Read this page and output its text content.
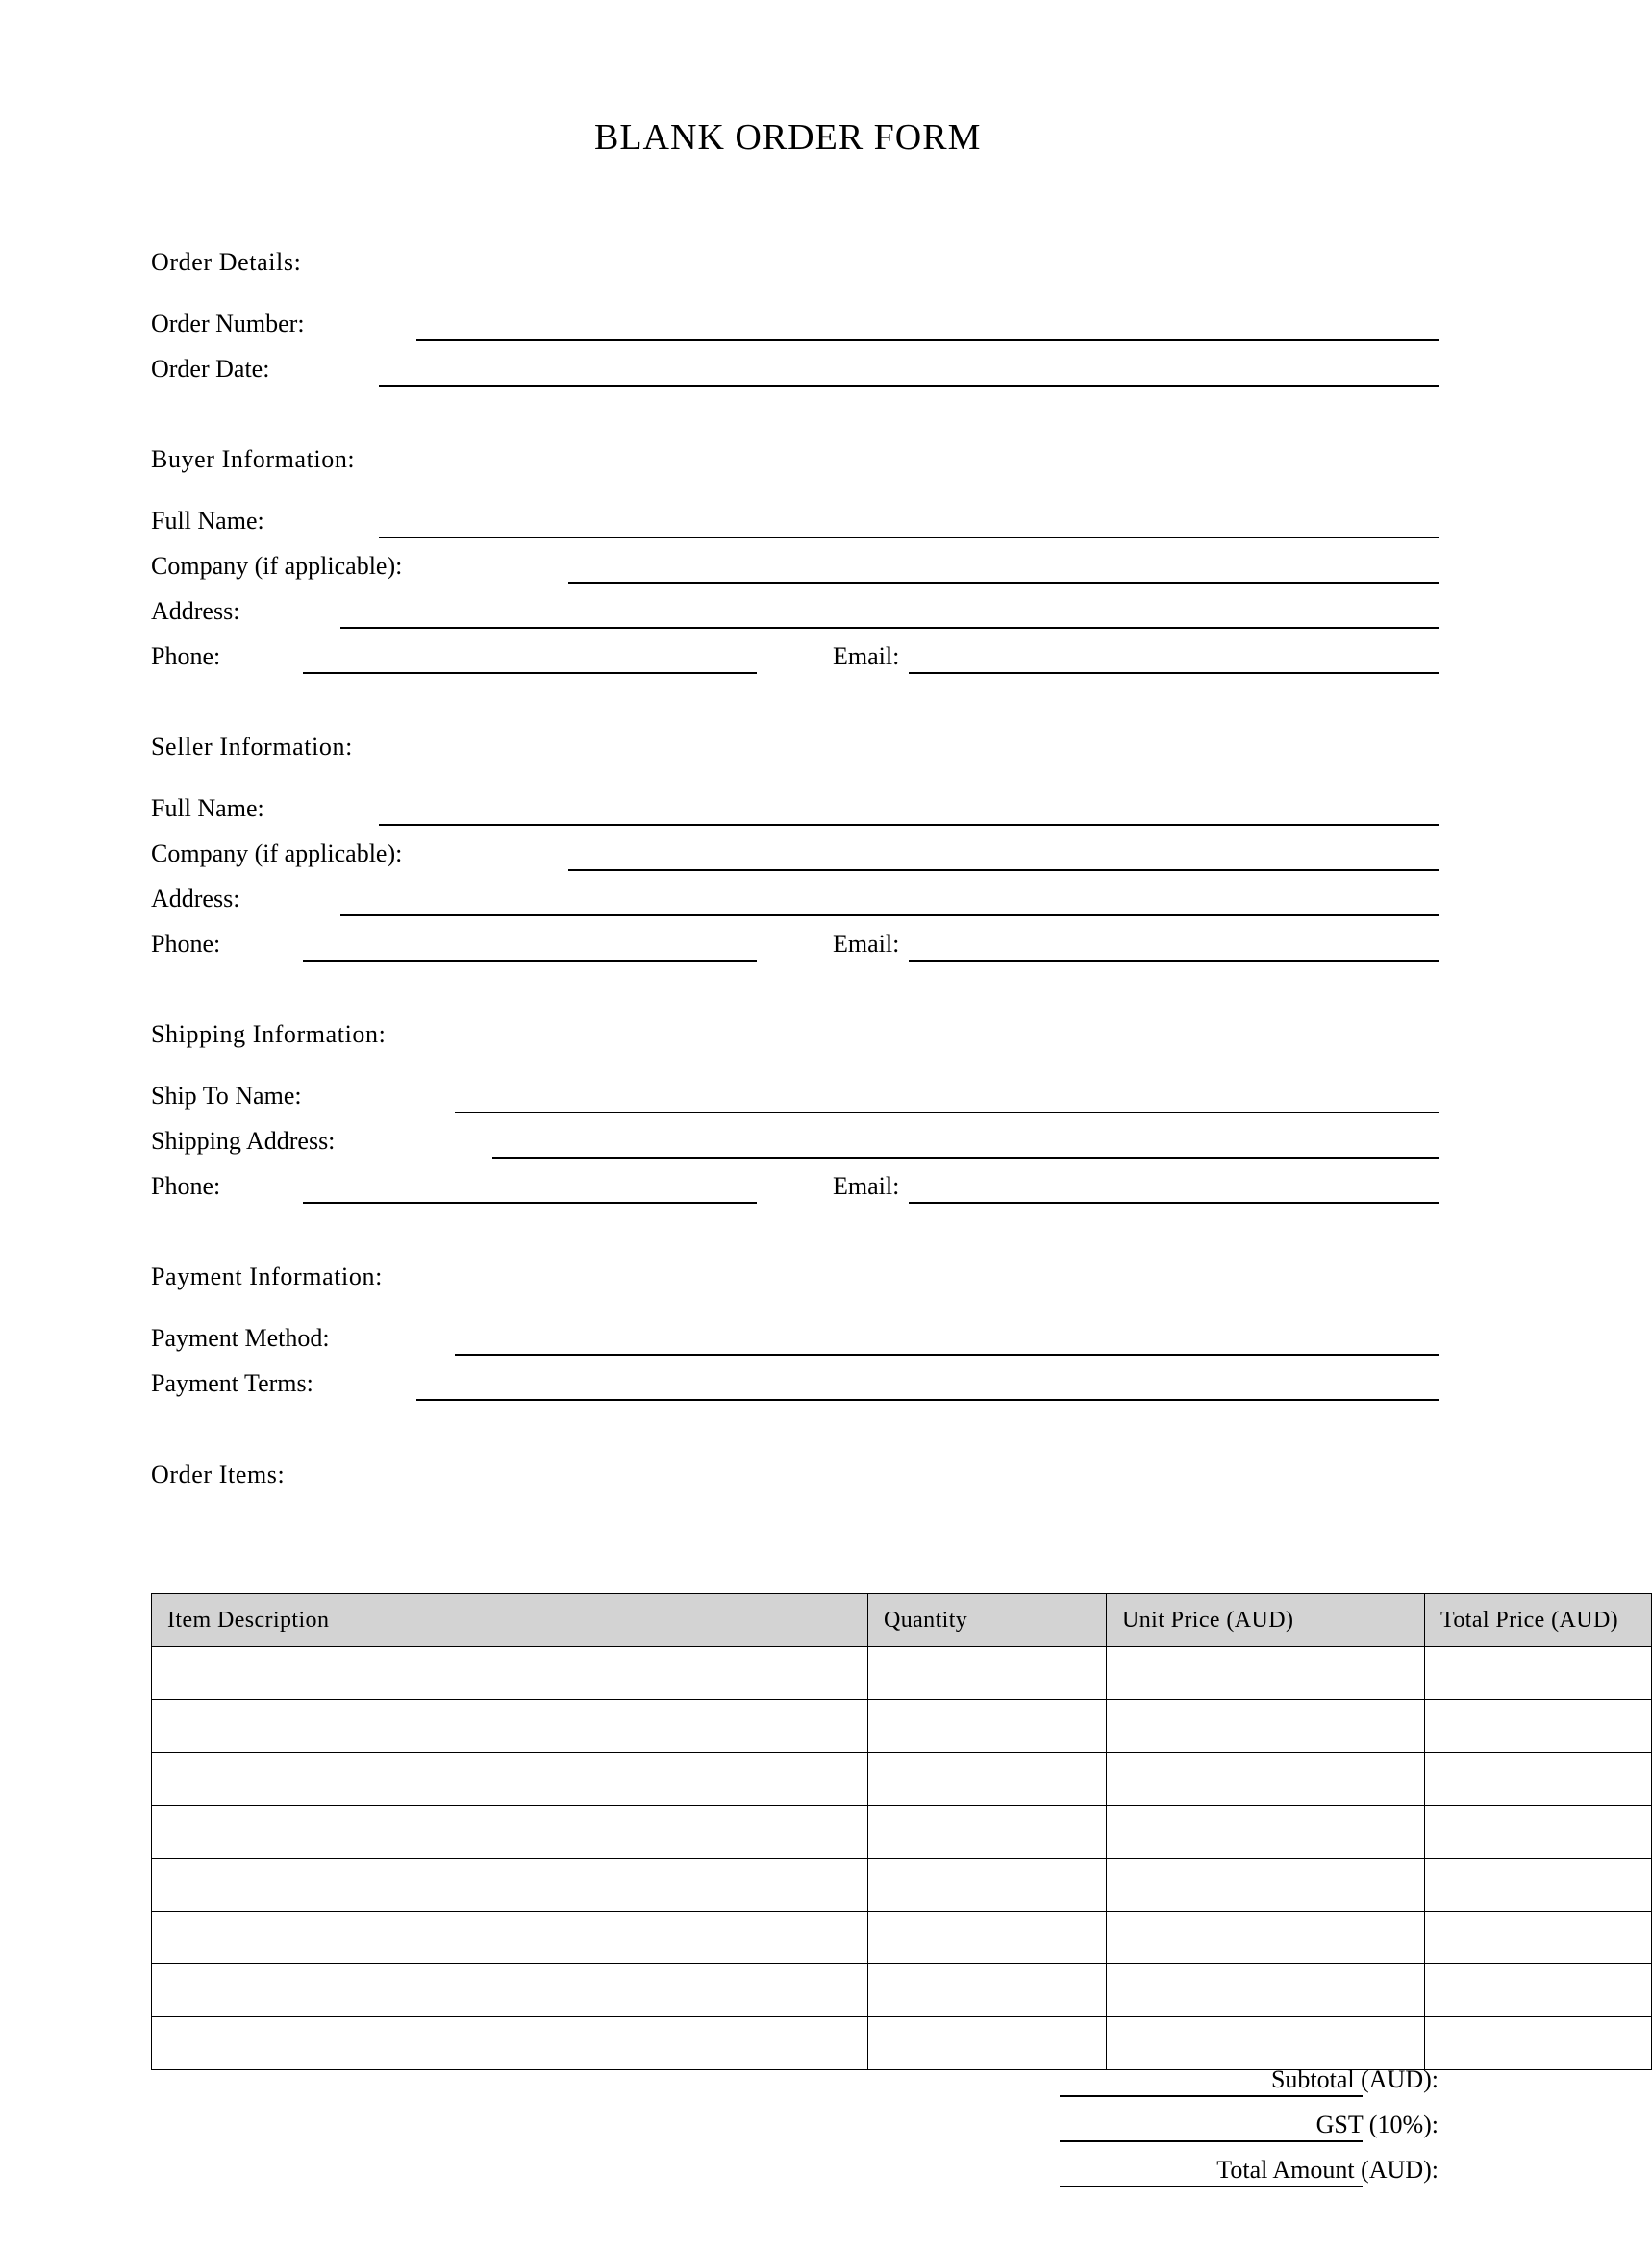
BLANK ORDER FORM
Order Details:
Order Number:
Order Date:
Buyer Information:
Full Name:
Company (if applicable):
Address:
Phone:	Email:
Seller Information:
Full Name:
Company (if applicable):
Address:
Phone:	Email:
Shipping Information:
Ship To Name:
Shipping Address:
Phone:	Email:
Payment Information:
Payment Method:
Payment Terms:
Order Items:
Item Description	Quantity	Unit Price (AUD)	Total Price (AUD)

Subtotal (AUD):
GST (10%):
Total Amount (AUD):
